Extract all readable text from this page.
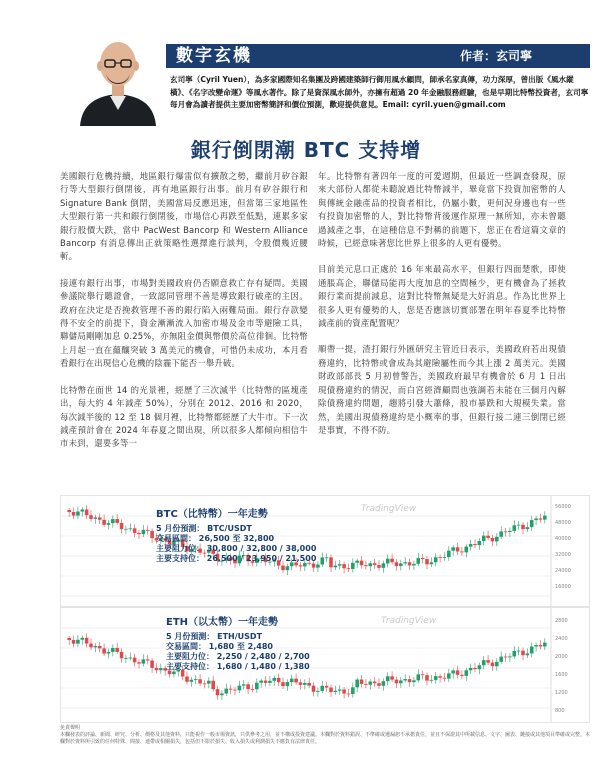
數字玄機	作者：玄司寧
玄司寧（Cyril Yuen），為多家國際知名集團及跨國建築師行御用風水顧問，師承名家真傳，功力深厚，曾出版《風水縱橫》、《名字改變命運》等風水著作。除了是資深風水師外，亦擁有超過 20 年金融服務經驗，也是早期比特幣投資者，玄司寧每月會為讀者提供主要加密幣簡評和價位預測，歡迎提供意見。Email: cyril.yuen@gmail.com
銀行倒閉潮 BTC 支持增

美國銀行危機持續，地區銀行爆雷似有擴散之勢，繼前月矽谷銀行等大型銀行倒閉後，再有地區銀行出事。前月有矽谷銀行和 Signature Bank 倒閉，美國當局反應迅速，但當第三家地區性大型銀行第一共和銀行倒閉後，市場信心再跌至低點，連累多家銀行股價大跌，當中 PacWest Bancorp 和 Western Alliance Bancorp 有消息傳出正就策略性選擇進行談判，令股價幾近腰斬。

接連有銀行出事，市場對美國政府仍否願意救亡存有疑問。美國參議院舉行聽證會，一致認同管理不善是導致銀行破產的主因。政府在決定是否挽救管理不善的銀行陷入兩難局面。銀行存款變得不安全的前提下，資金漸漸流入加密市場及金市等避險工具，聯儲局剛剛加息 0.25%，亦無阻金價與幣價於高位徘徊。比特幣上月起一直在蘊釀突破 3 萬美元的機會，可惜仍未成功，本月看看銀行在出現信心危機的陰霾下能否一舉升破。

比特幣在面世 14 的光景裡，經歷了三次減半（比特幣的區塊產出，每大約 4 年減產 50%），分別在 2012、2016 和 2020，每次減半後的 12 至 18 個月裡，比特幣都經歷了大牛市。下一次減產預計會在 2024 年春夏之間出現，所以很多人都傾向相信牛市未到，還要多等一

年。比特幣有著四年一度的可愛週期，但最近一些調查發現，原來大部份人都從未聽說過比特幣減半，畢竟當下投資加密幣的人與傳統金融產品的投資者相比，仍屬小數，更何況身邊也有一些有投資加密幣的人，對比特幣背後運作原理一無所知，亦未曾聽過減產之事，在這種信息不對稱的前題下，您正在看這篇文章的時候，已經意味著您比世界上很多的人更有優勢。

目前美元息口正處於 16 年來最高水平，但銀行四面楚歌，即使通脹高企，聯儲局能再大度加息的空間極少，更有機會為了拯救銀行業而提前減息，這對比特幣無疑是大好消息。作為比世界上很多人更有優勢的人，您是否應該切實部署在明年春夏季比特幣減產前的資產配置呢？

順帶一提，渣打銀行外匯研究主管近日表示，美國政府若出現債務違約，比特幣或會成為其避險屬性而今其上漲 2 萬美元。美國財政部部長 5 月初曾警告，美國政府最早有機會於 6 月 1 日出現債務違約的情況，而白宮經濟顧問也強調若未能在三個月內解除債務違約問題，趨將引發大蕭條，股市暴跌和大規模失業。當然，美國出現債務違約是小概率的事，但銀行接二連三倒閉已經是事實，不得不防。

56000
48000
40000
32000
24000
16000
TradingView
BTC（比特幣）一年走勢
5 月份預測： BTC/USDT
交易區間： 26,500 至 32,800
主要阻力位： 30,800 / 32,800 / 38,000
主要支持位： 26,500 / 23,950 / 21,500
2800
2400
2000
1600
1200
800
TradingView
ETH（以太幣）一年走勢
5 月份預測： ETH/USDT
交易區間： 1,680 至 2,480
主要阻力位： 2,250 / 2,480 / 2,700
主要支持位： 1,680 / 1,480 / 1,380
免責聲明
本欄發表的評論、新聞、研究、分析、價格及其他資料，只能視作一般市場資訊，只供參考之用，並不構成投資建議。本欄對於資料錯誤、不準確或遺漏恕不承擔責任，並且不保證其中所載信息、文字、圖表、鏈接或其他項目準確或完整。本欄對於資料所引致的任何特殊、間接、連帶或相關損失，包括但不限於損失、收入損失或利潤損失不應負有法律責任。
